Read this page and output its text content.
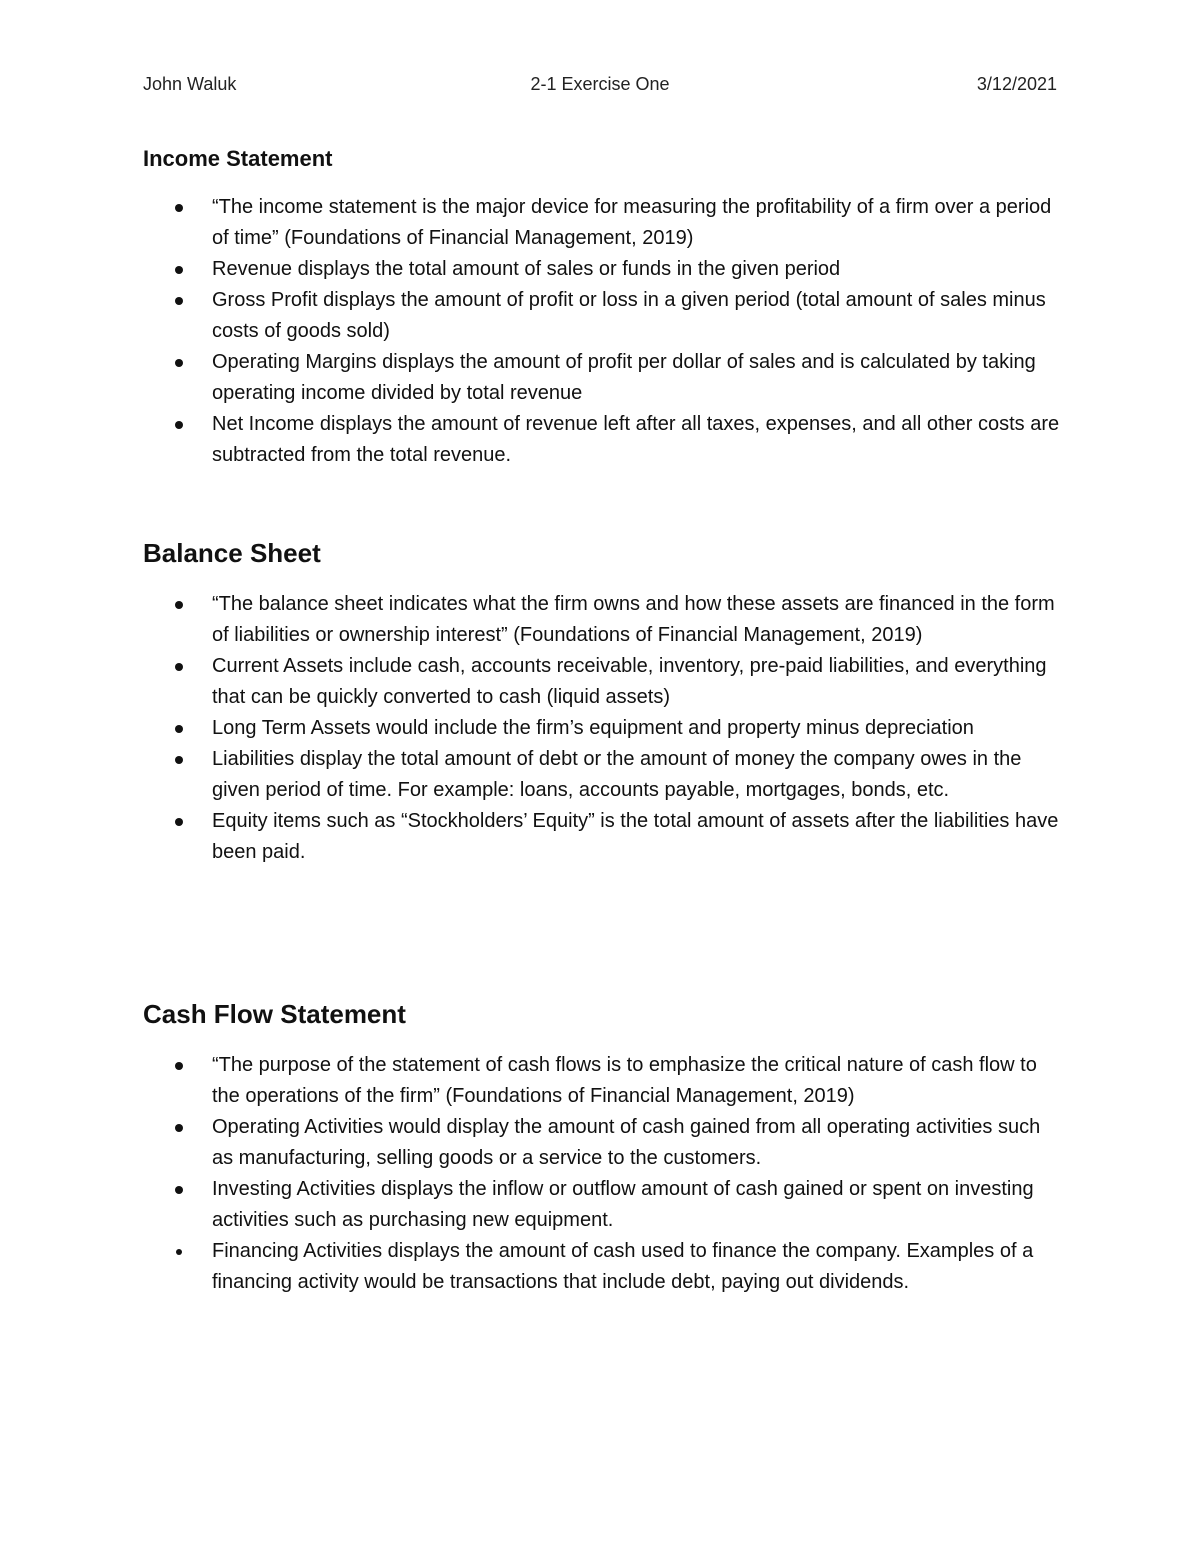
John Waluk	2-1 Exercise One	3/12/2021
Income Statement
“The income statement is the major device for measuring the profitability of a firm over a period of time” (Foundations of Financial Management, 2019)
Revenue displays the total amount of sales or funds in the given period
Gross Profit displays the amount of profit or loss in a given period (total amount of sales minus costs of goods sold)
Operating Margins displays the amount of profit per dollar of sales and is calculated by taking operating income divided by total revenue
Net Income displays the amount of revenue left after all taxes, expenses, and all other costs are subtracted from the total revenue.
Balance Sheet
“The balance sheet indicates what the firm owns and how these assets are financed in the form of liabilities or ownership interest” (Foundations of Financial Management, 2019)
Current Assets include cash, accounts receivable, inventory, pre-paid liabilities, and everything that can be quickly converted to cash (liquid assets)
Long Term Assets would include the firm’s equipment and property minus depreciation
Liabilities display the total amount of debt or the amount of money the company owes in the given period of time. For example: loans, accounts payable, mortgages, bonds, etc.
Equity items such as “Stockholders’ Equity” is the total amount of assets after the liabilities have been paid.
Cash Flow Statement
“The purpose of the statement of cash flows is to emphasize the critical nature of cash flow to the operations of the firm” (Foundations of Financial Management, 2019)
Operating Activities would display the amount of cash gained from all operating activities such as manufacturing, selling goods or a service to the customers.
Investing Activities displays the inflow or outflow amount of cash gained or spent on investing activities such as purchasing new equipment.
Financing Activities displays the amount of cash used to finance the company. Examples of a financing activity would be transactions that include debt, paying out dividends.
